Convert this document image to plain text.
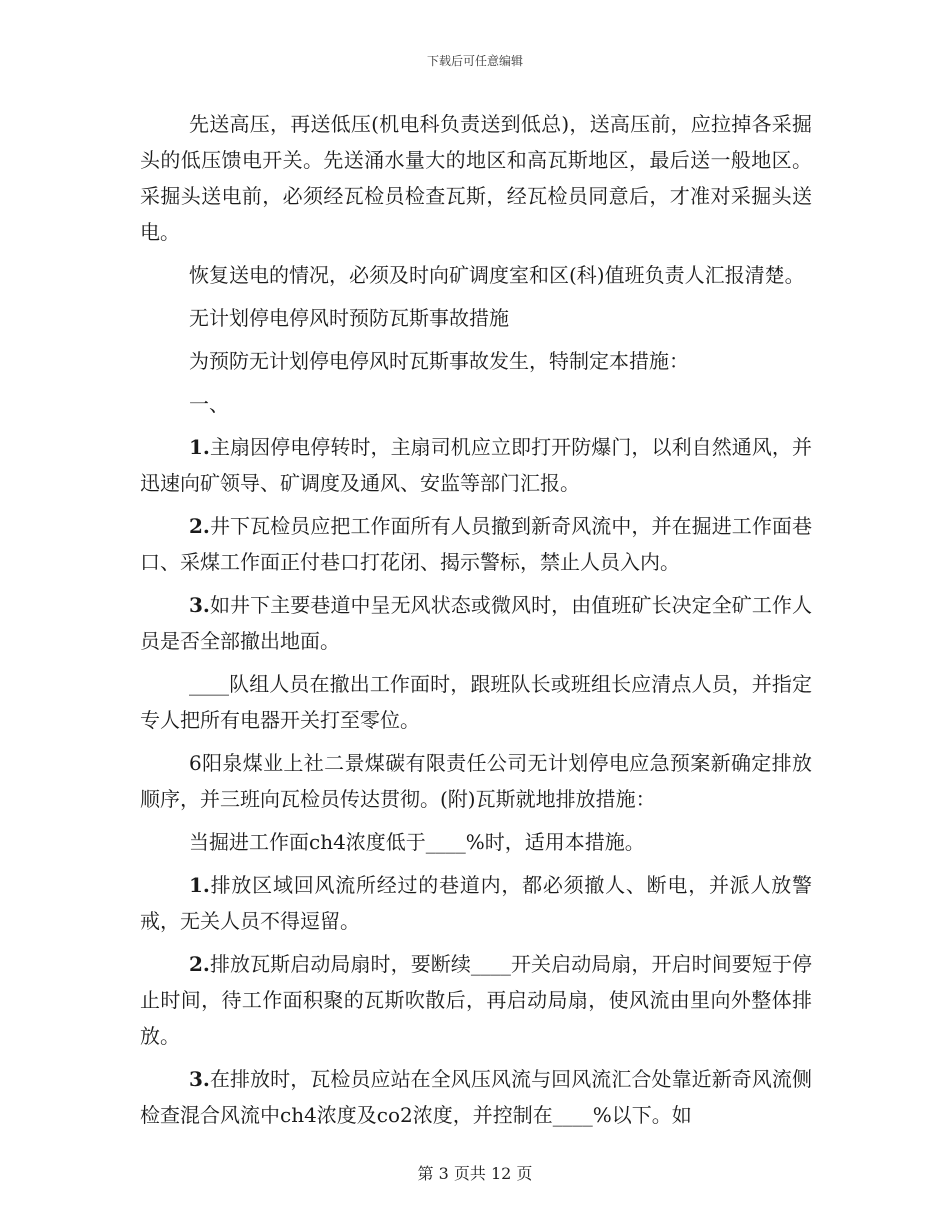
下载后可任意编辑

先送高压，再送低压(机电科负责送到低总)，送高压前，应拉掉各采掘头的低压馈电开关。先送涌水量大的地区和高瓦斯地区，最后送一般地区。采掘头送电前，必须经瓦检员检查瓦斯，经瓦检员同意后，才准对采掘头送电。

恢复送电的情况，必须及时向矿调度室和区(科)值班负责人汇报清楚。

无计划停电停风时预防瓦斯事故措施

为预防无计划停电停风时瓦斯事故发生，特制定本措施：

一、

1.主扇因停电停转时，主扇司机应立即打开防爆门，以利自然通风，并迅速向矿领导、矿调度及通风、安监等部门汇报。

2.井下瓦检员应把工作面所有人员撤到新奇风流中，并在掘进工作面巷口、采煤工作面正付巷口打花闭、揭示警标，禁止人员入内。

3.如井下主要巷道中呈无风状态或微风时，由值班矿长决定全矿工作人员是否全部撤出地面。

____队组人员在撤出工作面时，跟班队长或班组长应清点人员，并指定专人把所有电器开关打至零位。

6阳泉煤业上社二景煤碳有限责任公司无计划停电应急预案新确定排放顺序，并三班向瓦检员传达贯彻。(附)瓦斯就地排放措施：

当掘进工作面ch4浓度低于____%时，适用本措施。

1.排放区域回风流所经过的巷道内，都必须撤人、断电，并派人放警戒，无关人员不得逗留。

2.排放瓦斯启动局扇时，要断续____开关启动局扇，开启时间要短于停止时间，待工作面积聚的瓦斯吹散后，再启动局扇，使风流由里向外整体排放。

3.在排放时，瓦检员应站在全风压风流与回风流汇合处靠近新奇风流侧检查混合风流中ch4浓度及co2浓度，并控制在____%以下。如

第 3 页共 12 页
